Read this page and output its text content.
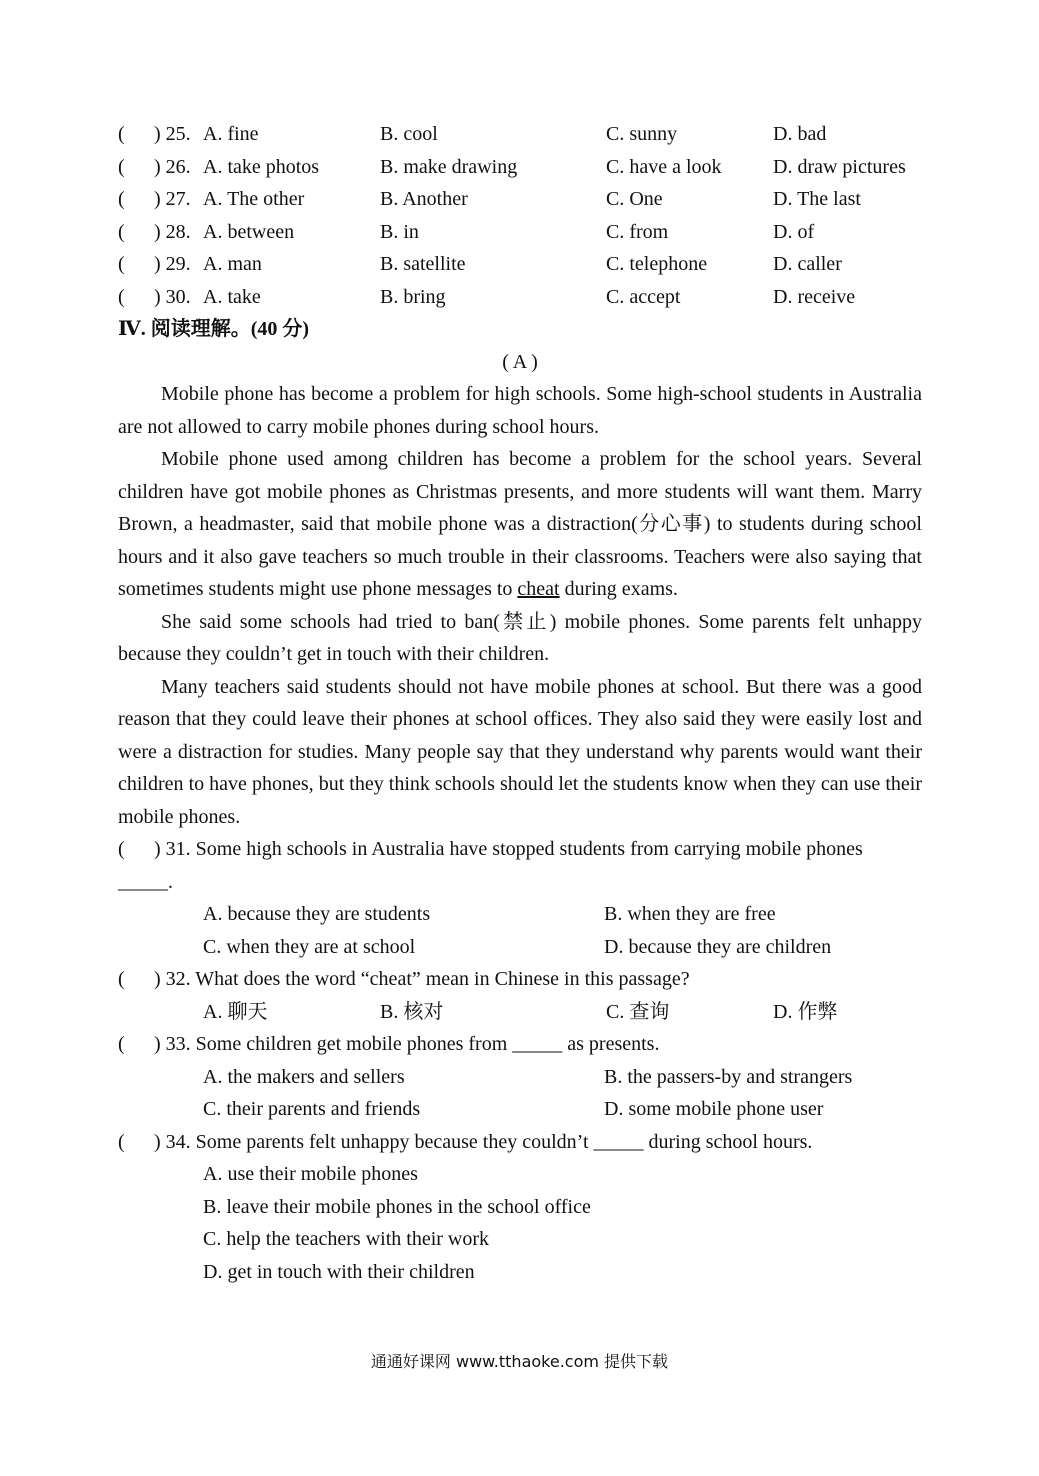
( ) 25. A. fine	B. cool	C. sunny	D. bad
( ) 26. A. take photos	B. make drawing	C. have a look	D. draw pictures
( ) 27. A. The other	B. Another	C. One	D. The last
( ) 28. A. between	B. in	C. from	D. of
( ) 29. A. man	B. satellite	C. telephone	D. caller
( ) 30. A. take	B. bring	C. accept	D. receive
Ⅳ. 阅读理解。(40 分)
( A )

Mobile phone has become a problem for high schools. Some high-school students in Australia are not allowed to carry mobile phones during school hours.

Mobile phone used among children has become a problem for the school years. Several children have got mobile phones as Christmas presents, and more students will want them. Marry Brown, a headmaster, said that mobile phone was a distraction(分心事) to students during school hours and it also gave teachers so much trouble in their classrooms. Teachers were also saying that sometimes students might use phone messages to cheat during exams.

She said some schools had tried to ban(禁止) mobile phones. Some parents felt unhappy because they couldn’t get in touch with their children.

Many teachers said students should not have mobile phones at school. But there was a good reason that they could leave their phones at school offices. They also said they were easily lost and were a distraction for studies. Many people say that they understand why parents would want their children to have phones, but they think schools should let the students know when they can use their mobile phones.

( ) 31. Some high schools in Australia have stopped students from carrying mobile phones
_____.
A. because they are students	B. when they are free
C. when they are at school	D. because they are children
( ) 32. What does the word “cheat” mean in Chinese in this passage?
A. 聊天	B. 核对	C. 查询	D. 作弊
( ) 33. Some children get mobile phones from _____ as presents.
A. the makers and sellers	B. the passers-by and strangers
C. their parents and friends	D. some mobile phone user
( ) 34. Some parents felt unhappy because they couldn’t _____ during school hours.
A. use their mobile phones
B. leave their mobile phones in the school office
C. help the teachers with their work
D. get in touch with their children
通通好课网 www.tthaoke.com 提供下载
